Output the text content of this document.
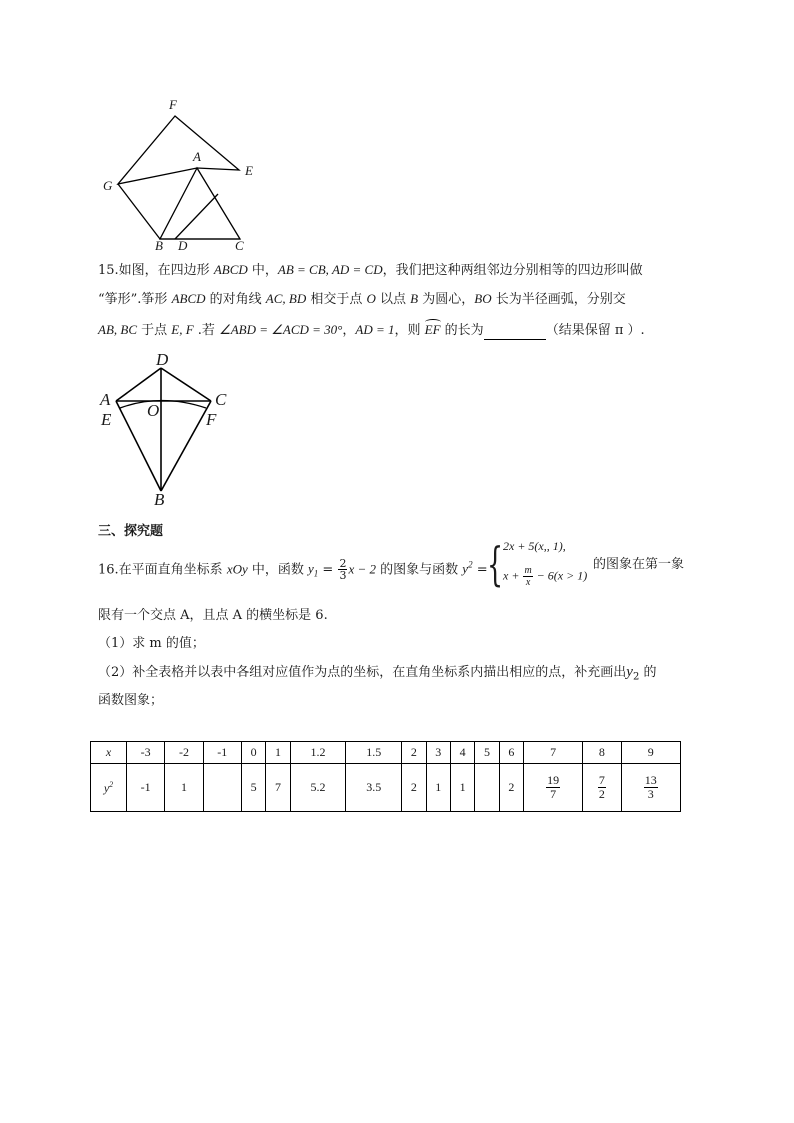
F
A
E
G
B D	C
15.如图，在四边形 ABCD 中，AB = CB, AD = CD，我们把这种两组邻边分别相等的四边形叫做
“筝形”.筝形 ABCD 的对角线 AC, BD 相交于点 O 以点 B 为圆心，BO 长为半径画弧，分别交
AB, BC 于点 E, F .若 ∠ABD = ∠ACD = 30°，AD = 1，则 EF
的长为	（结果保留 π ）.
D
A	C
O
E	F
B
三、探究题
16.在平面直角坐标系 xOy 中，函数 $y_1 = \frac{2}{3}$ x − 2 的图象与函数 $y^2$ = { 2x + 5(x,, 1),
$x + \frac{m}{x} - 6(x > 1)$
的图象在第一象
限有一个交点 A，且点 A 的横坐标是 6.
（1）求 m 的值；
（2）补全表格并以表中各组对应值作为点的坐标，在直角坐标系内描出相应的点，补充画出$y_2$ 的
函数图象；
x	-3	-2	-1	0	1	1.2	1.5	2	3	4	5	6	7	8	9
$y^2$	-1	1		5	7	5.2	3.5	2	1	1		2	$\frac{19}{7}$	$\frac{7}{2}$	$\frac{13}{3}$
